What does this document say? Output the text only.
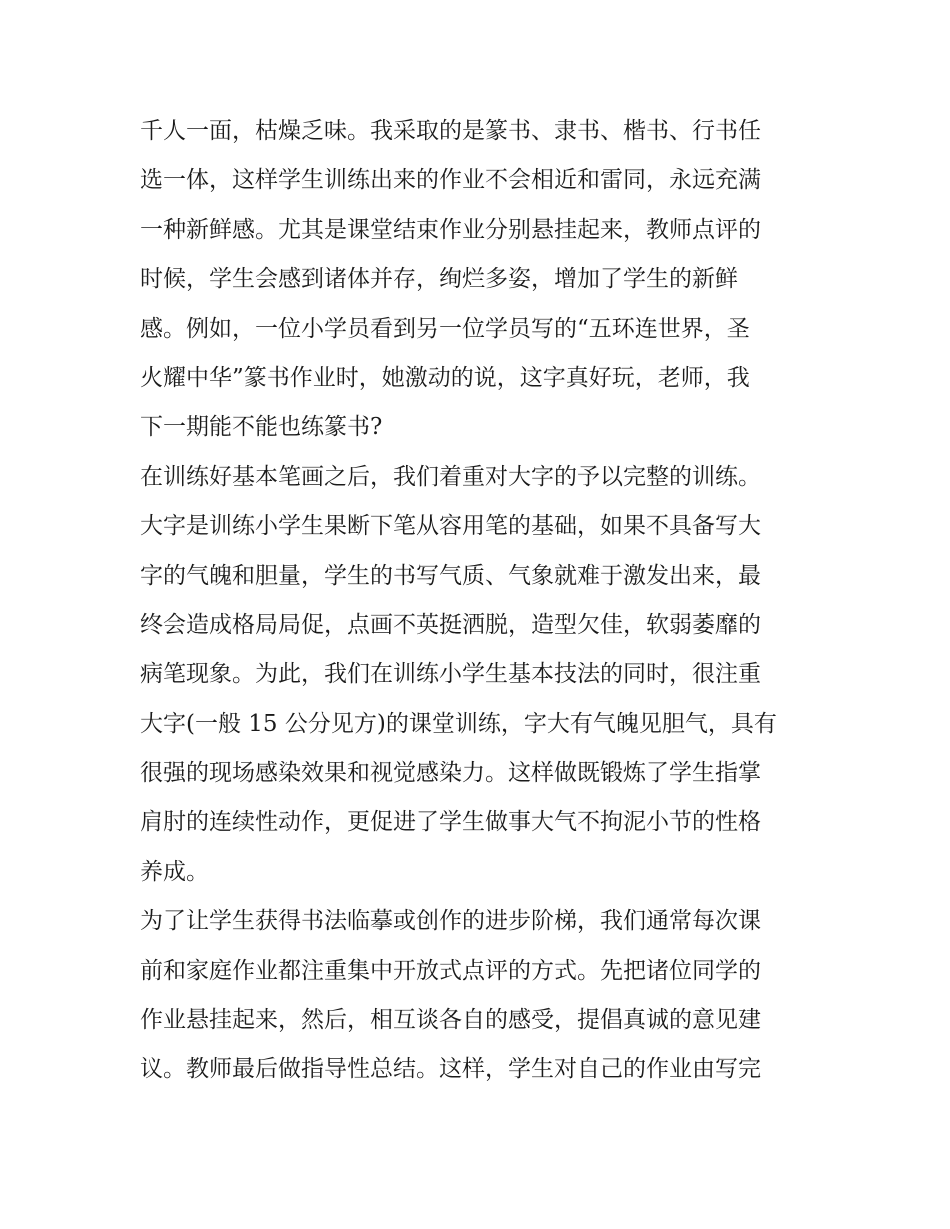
千人一面，枯燥乏味。我采取的是篆书、隶书、楷书、行书任
选一体，这样学生训练出来的作业不会相近和雷同，永远充满
一种新鲜感。尤其是课堂结束作业分别悬挂起来，教师点评的
时候，学生会感到诸体并存，绚烂多姿，增加了学生的新鲜
感。例如，一位小学员看到另一位学员写的“五环连世界，圣
火耀中华”篆书作业时，她激动的说，这字真好玩，老师，我
下一期能不能也练篆书?
在训练好基本笔画之后，我们着重对大字的予以完整的训练。
大字是训练小学生果断下笔从容用笔的基础，如果不具备写大
字的气魄和胆量，学生的书写气质、气象就难于激发出来，最
终会造成格局局促，点画不英挺洒脱，造型欠佳，软弱萎靡的
病笔现象。为此，我们在训练小学生基本技法的同时，很注重
大字(一般 15 公分见方)的课堂训练，字大有气魄见胆气，具有
很强的现场感染效果和视觉感染力。这样做既锻炼了学生指掌
肩肘的连续性动作，更促进了学生做事大气不拘泥小节的性格
养成。
为了让学生获得书法临摹或创作的进步阶梯，我们通常每次课
前和家庭作业都注重集中开放式点评的方式。先把诸位同学的
作业悬挂起来，然后，相互谈各自的感受，提倡真诚的意见建
议。教师最后做指导性总结。这样，学生对自己的作业由写完
